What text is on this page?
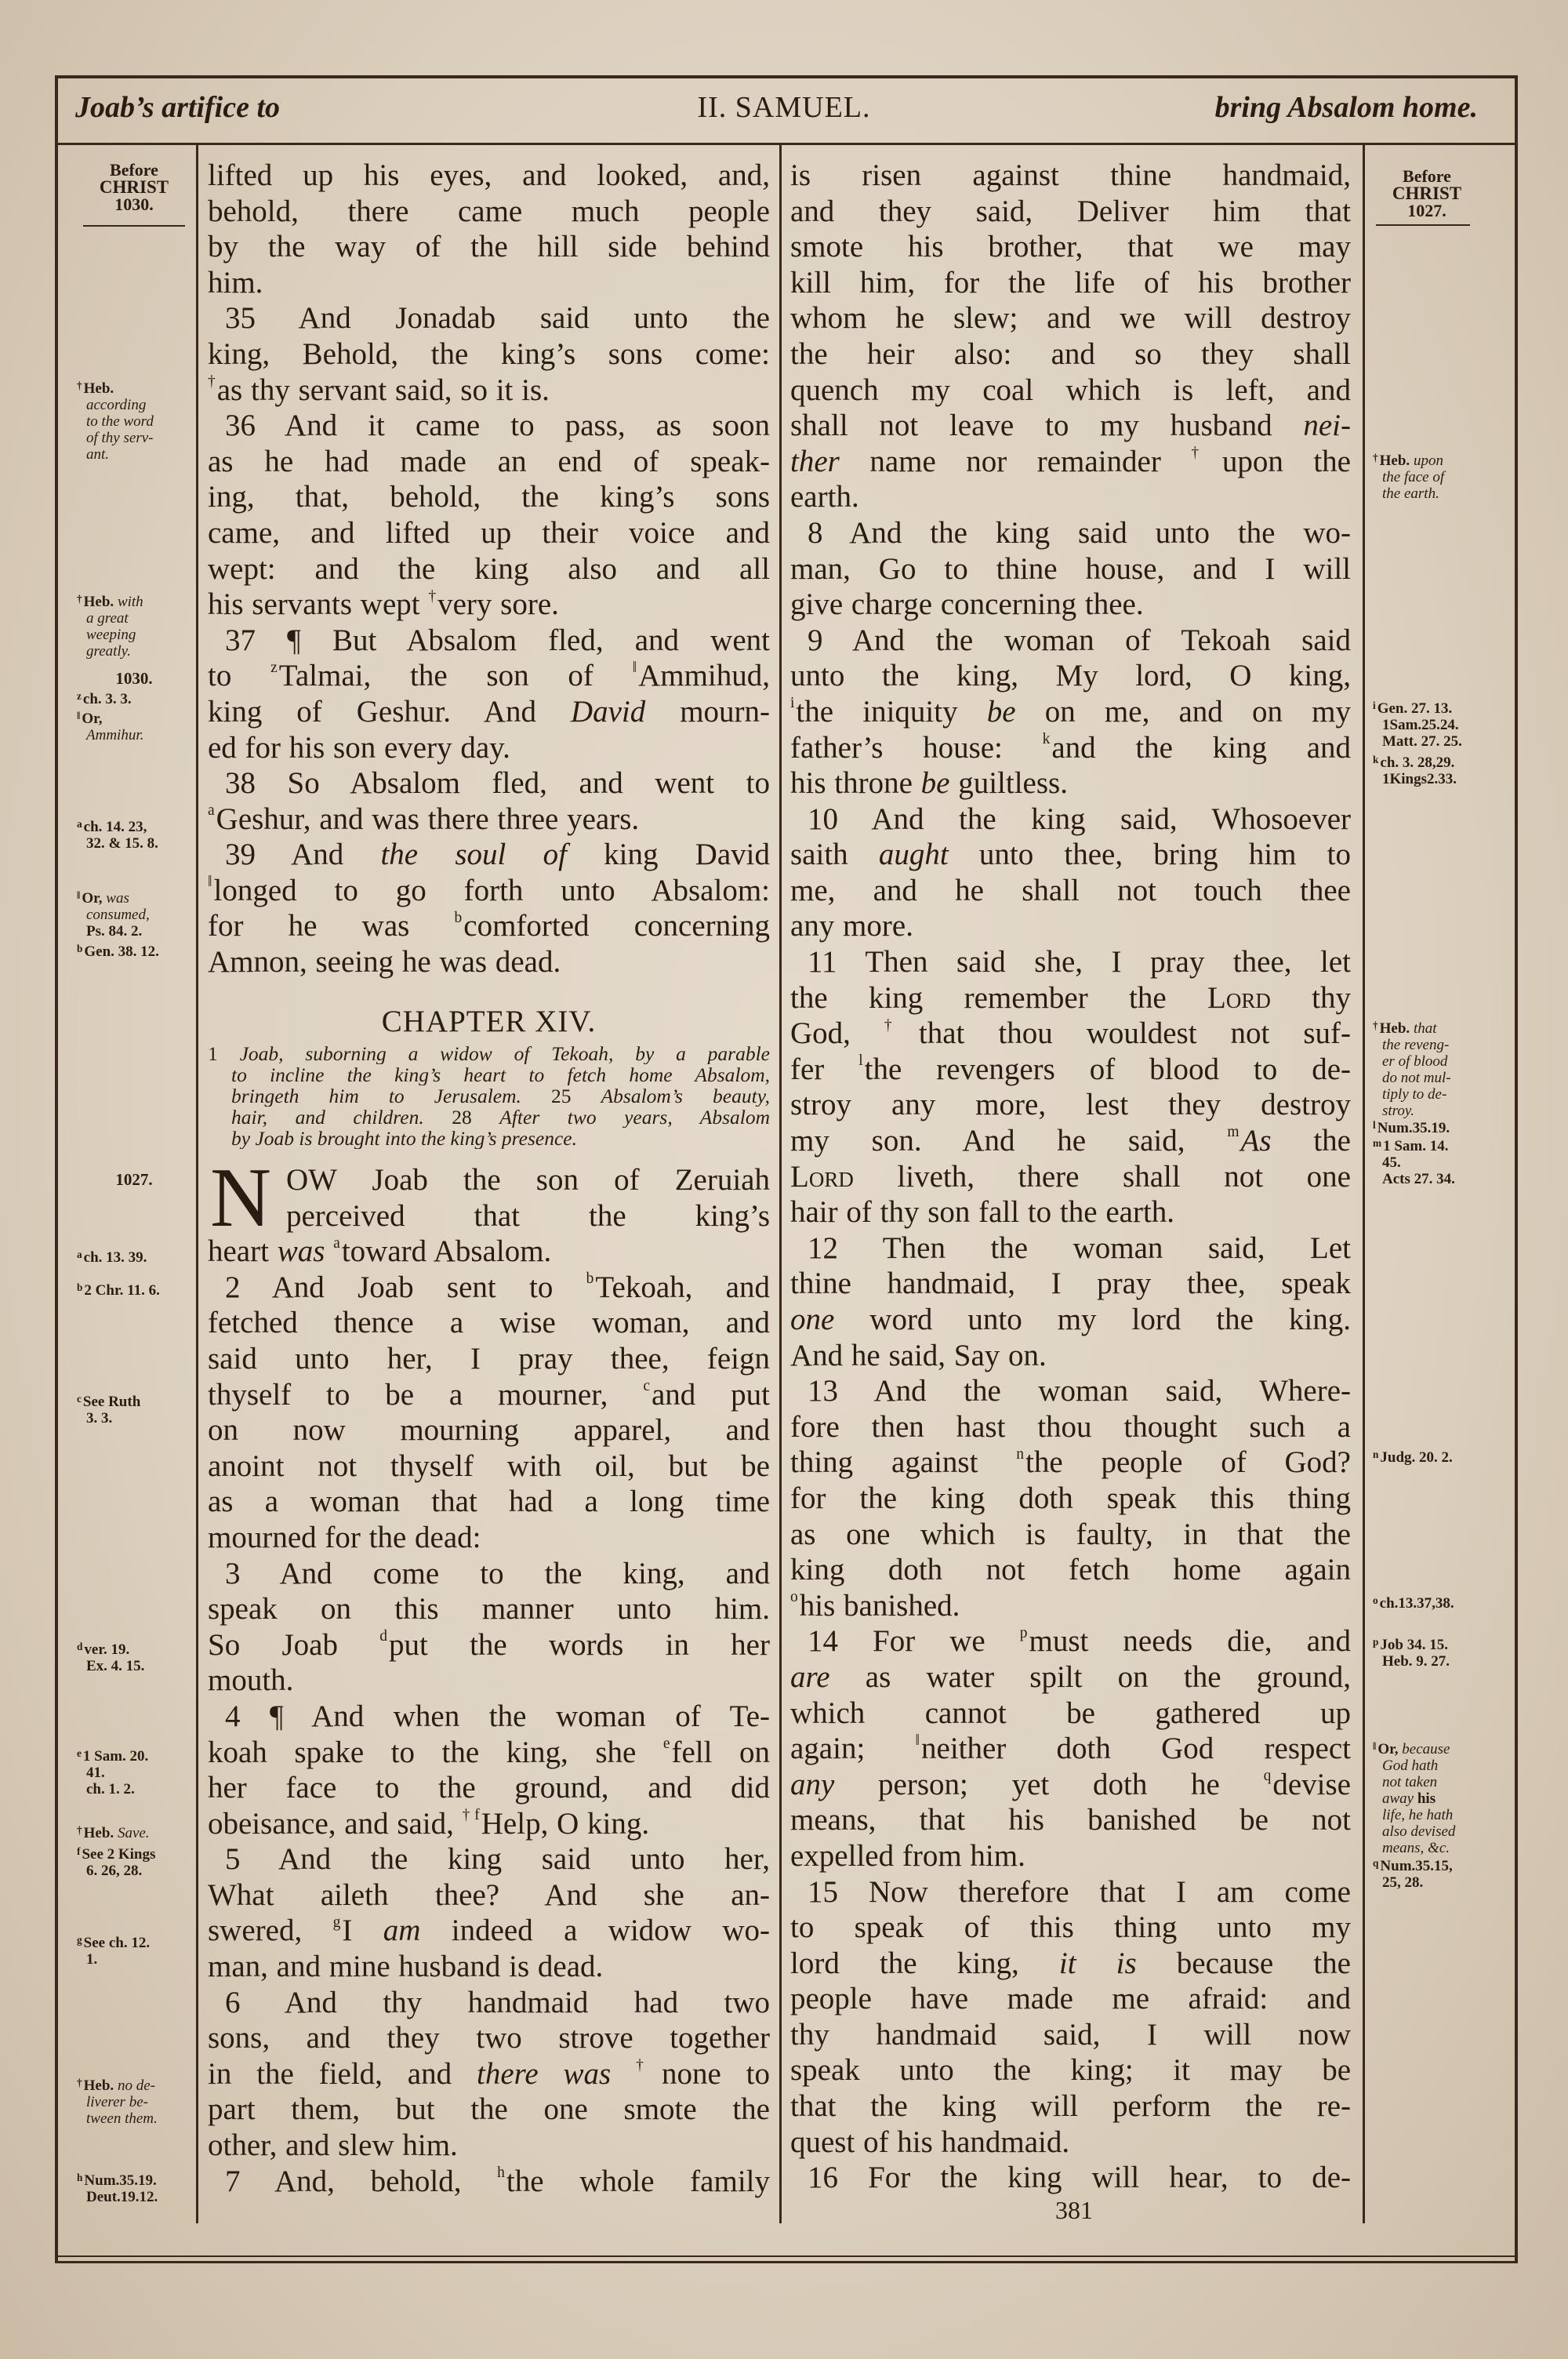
Joab’s artifice to	II. SAMUEL.	bring Absalom home.
Before
CHRIST
1030.
Before
CHRIST
1027.
1030.
1027.
† Heb.
according
to the word
of thy serv-
ant.
† Heb. with
a great
weeping
greatly.
$^z$ ch. 3. 3.
‖ Or,
Ammihur.
$^a$ ch. 14. 23,
32. & 15. 8.
‖ Or, was
consumed,
Ps. 84. 2.
$^b$ Gen. 38. 12.
$^a$ ch. 13. 39.
$^b$ 2 Chr. 11. 6.
$^c$ See Ruth
3. 3.
$^d$ ver. 19.
Ex. 4. 15.
$^e$ 1 Sam. 20.
41.
ch. 1. 2.
† Heb. Save.
$^f$ See 2 Kings
6. 26, 28.
$^g$ See ch. 12.
1.
† Heb. no de-
liverer be-
tween them.
$^h$ Num.35.19.
Deut.19.12.
† Heb. upon
the face of
the earth.
$^i$ Gen. 27. 13.
1Sam.25.24.
Matt. 27. 25.
$^k$ ch. 3. 28,29.
1Kings2.33.
† Heb. that
the reveng-
er of blood
do not mul-
tiply to de-
stroy.
$^l$ Num.35.19.
$^m$ 1 Sam. 14.
45.
Acts 27. 34.
$^n$ Judg. 20. 2.
$^o$ ch.13.37,38.
$^p$ Job 34. 15.
Heb. 9. 27.
‖ Or, because
God hath
not taken
away his
life, he hath
also devised
means, &c.
$^q$ Num.35.15,
25, 28.
lifted up his eyes, and looked, and,
behold, there came much people
by the way of the hill side behind
him.
35 And Jonadab said unto the
king, Behold, the king’s sons come:
†as thy servant said, so it is.
36 And it came to pass, as soon
as he had made an end of speak-
ing, that, behold, the king’s sons
came, and lifted up their voice and
wept: and the king also and all
his servants wept †very sore.
37 ¶ But Absalom fled, and went
to $^z$Talmai, the son of ‖Ammihud,
king of Geshur. And David mourn-
ed for his son every day.
38 So Absalom fled, and went to
$^a$Geshur, and was there three years.
39 And the soul of king David
‖longed to go forth unto Absalom:
for he was $^b$comforted concerning
Amnon, seeing he was dead.
CHAPTER XIV.
1 Joab, suborning a widow of Tekoah, by a parable
to incline the king’s heart to fetch home Absalom,
bringeth him to Jerusalem. 25 Absalom’s beauty,
hair, and children. 28 After two years, Absalom
by Joab is brought into the king’s presence.
N OW Joab the son of Zeruiah
perceived that the king’s
heart was $^a$toward Absalom.
2 And Joab sent to $^b$Tekoah, and
fetched thence a wise woman, and
said unto her, I pray thee, feign
thyself to be a mourner, $^c$and put
on now mourning apparel, and
anoint not thyself with oil, but be
as a woman that had a long time
mourned for the dead:
3 And come to the king, and
speak on this manner unto him.
So Joab $^d$put the words in her
mouth.
4 ¶ And when the woman of Te-
koah spake to the king, she $^e$fell on
her face to the ground, and did
obeisance, and said, $^{\dagger f}$Help, O king.
5 And the king said unto her,
What aileth thee? And she an-
swered, $^g$I am indeed a widow wo-
man, and mine husband is dead.
6 And thy handmaid had two
sons, and they two strove together
in the field, and there was †none to
part them, but the one smote the
other, and slew him.
7 And, behold, $^h$the whole family
is risen against thine handmaid,
and they said, Deliver him that
smote his brother, that we may
kill him, for the life of his brother
whom he slew; and we will destroy
the heir also: and so they shall
quench my coal which is left, and
shall not leave to my husband nei-
ther name nor remainder †upon the
earth.
8 And the king said unto the wo-
man, Go to thine house, and I will
give charge concerning thee.
9 And the woman of Tekoah said
unto the king, My lord, O king,
$^i$the iniquity be on me, and on my
father’s house: $^k$and the king and
his throne be guiltless.
10 And the king said, Whosoever
saith aught unto thee, bring him to
me, and he shall not touch thee
any more.
11 Then said she, I pray thee, let
the king remember the Lord thy
God, †that thou wouldest not suf-
fer $^l$the revengers of blood to de-
stroy any more, lest they destroy
my son. And he said, $^m$As the
Lord liveth, there shall not one
hair of thy son fall to the earth.
12 Then the woman said, Let
thine handmaid, I pray thee, speak
one word unto my lord the king.
And he said, Say on.
13 And the woman said, Where-
fore then hast thou thought such a
thing against $^n$the people of God?
for the king doth speak this thing
as one which is faulty, in that the
king doth not fetch home again
$^o$his banished.
14 For we $^p$must needs die, and
are as water spilt on the ground,
which cannot be gathered up
again; ‖neither doth God respect
any person; yet doth he $^q$devise
means, that his banished be not
expelled from him.
15 Now therefore that I am come
to speak of this thing unto my
lord the king, it is because the
people have made me afraid: and
thy handmaid said, I will now
speak unto the king; it may be
that the king will perform the re-
quest of his handmaid.
16 For the king will hear, to de-
381
